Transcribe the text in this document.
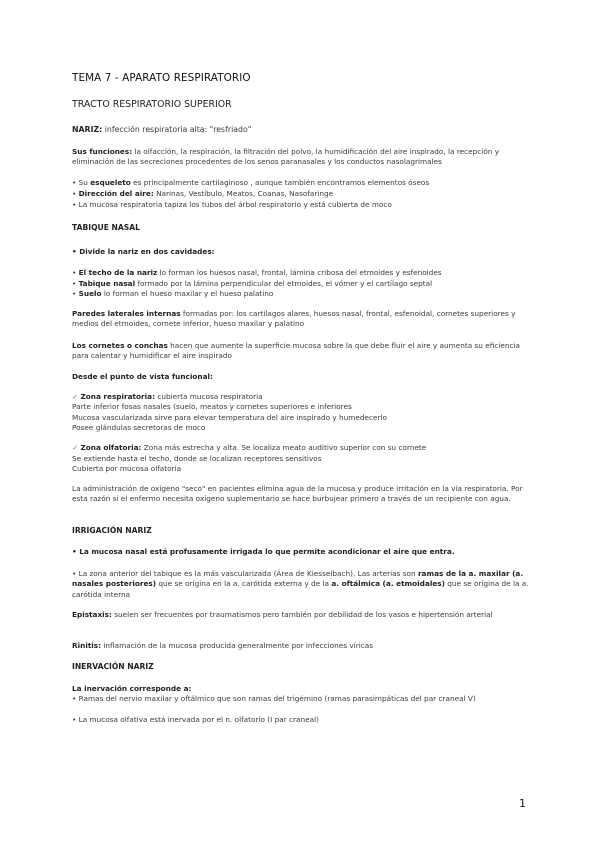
TEMA 7 - APARATO RESPIRATORIO
TRACTO RESPIRATORIO SUPERIOR
NARIZ: infección respiratoria alta: "resfriado"
Sus funciones: la olfacción, la respiración, la filtración del polvo, la humidificación del aire inspirado, la recepción y eliminación de las secreciones procedentes de los senos paranasales y los conductos nasolagrimales
• Su esqueleto es principalmente cartilaginoso , aunque también encontramos elementos óseos
• Dirección del aire: Narinas, Vestíbulo, Meatos, Coanas, Nasofaringe
• La mucosa respiratoria tapiza los tubos del árbol respiratorio y está cubierta de moco
TABIQUE NASAL
• Divide la nariz en dos cavidades:
• El techo de la nariz lo forman los huesos nasal, frontal, lámina cribosa del etmoides y esfenoides
• Tabique nasal formado por la lámina perpendicular del etmoides, el vómer y el cartílago septal
• Suelo lo forman el hueso maxilar y el hueso palatino
Paredes laterales internas formadas por: los cartílagos alares, huesos nasal, frontal, esfenoidal, cornetes superiores y medios del etmoides, cornete inferior, hueso maxilar y palatino
Los cornetes o conchas hacen que aumente la superficie mucosa sobre la que debe fluir el aire y aumenta su eficiencia para calentar y humidificar el aire inspirado
Desde el punto de vista funcional:
✓ Zona respiratoria: cubierta mucosa respiratoria
Parte inferior fosas nasales (suelo, meatos y cornetes superiores e inferiores
Mucosa vascularizada sirve para elevar temperatura del aire inspirado y humedecerlo
Posee glándulas secretoras de moco
✓ Zona olfatoria: Zona más estrecha y alta. Se localiza meato auditivo superior con su cornete
Se extiende hasta el techo, donde se localizan receptores sensitivos
Cubierta por mucosa olfatoria
La administración de oxígeno "seco" en pacientes elimina agua de la mucosa y produce irritación en la vía respiratoria. Por esta razón si el enfermo necesita oxígeno suplementario se hace burbujear primero a través de un recipiente con agua.
IRRIGACIÓN NARIZ
• La mucosa nasal está profusamente irrigada lo que permite acondicionar el aire que entra.
• La zona anterior del tabique es la más vascularizada (Área de Kiesselbach). Las arterias son ramas de la a. maxilar (a. nasales posteriores) que se origina en la a. carótida externa y de la a. oftálmica (a. etmoidales) que se origina de la a. carótida interna
Epistaxis: suelen ser frecuentes por traumatismos pero también por debilidad de los vasos e hipertensión arterial
Rinitis: inflamación de la mucosa producida generalmente por infecciones víricas
INERVACIÓN NARIZ
La inervación corresponde a:
• Ramas del nervio maxilar y oftálmico que son ramas del trigémino (ramas parasimpáticas del par craneal V)
• La mucosa olfativa está inervada por el n. olfatorio (I par craneal)
1
